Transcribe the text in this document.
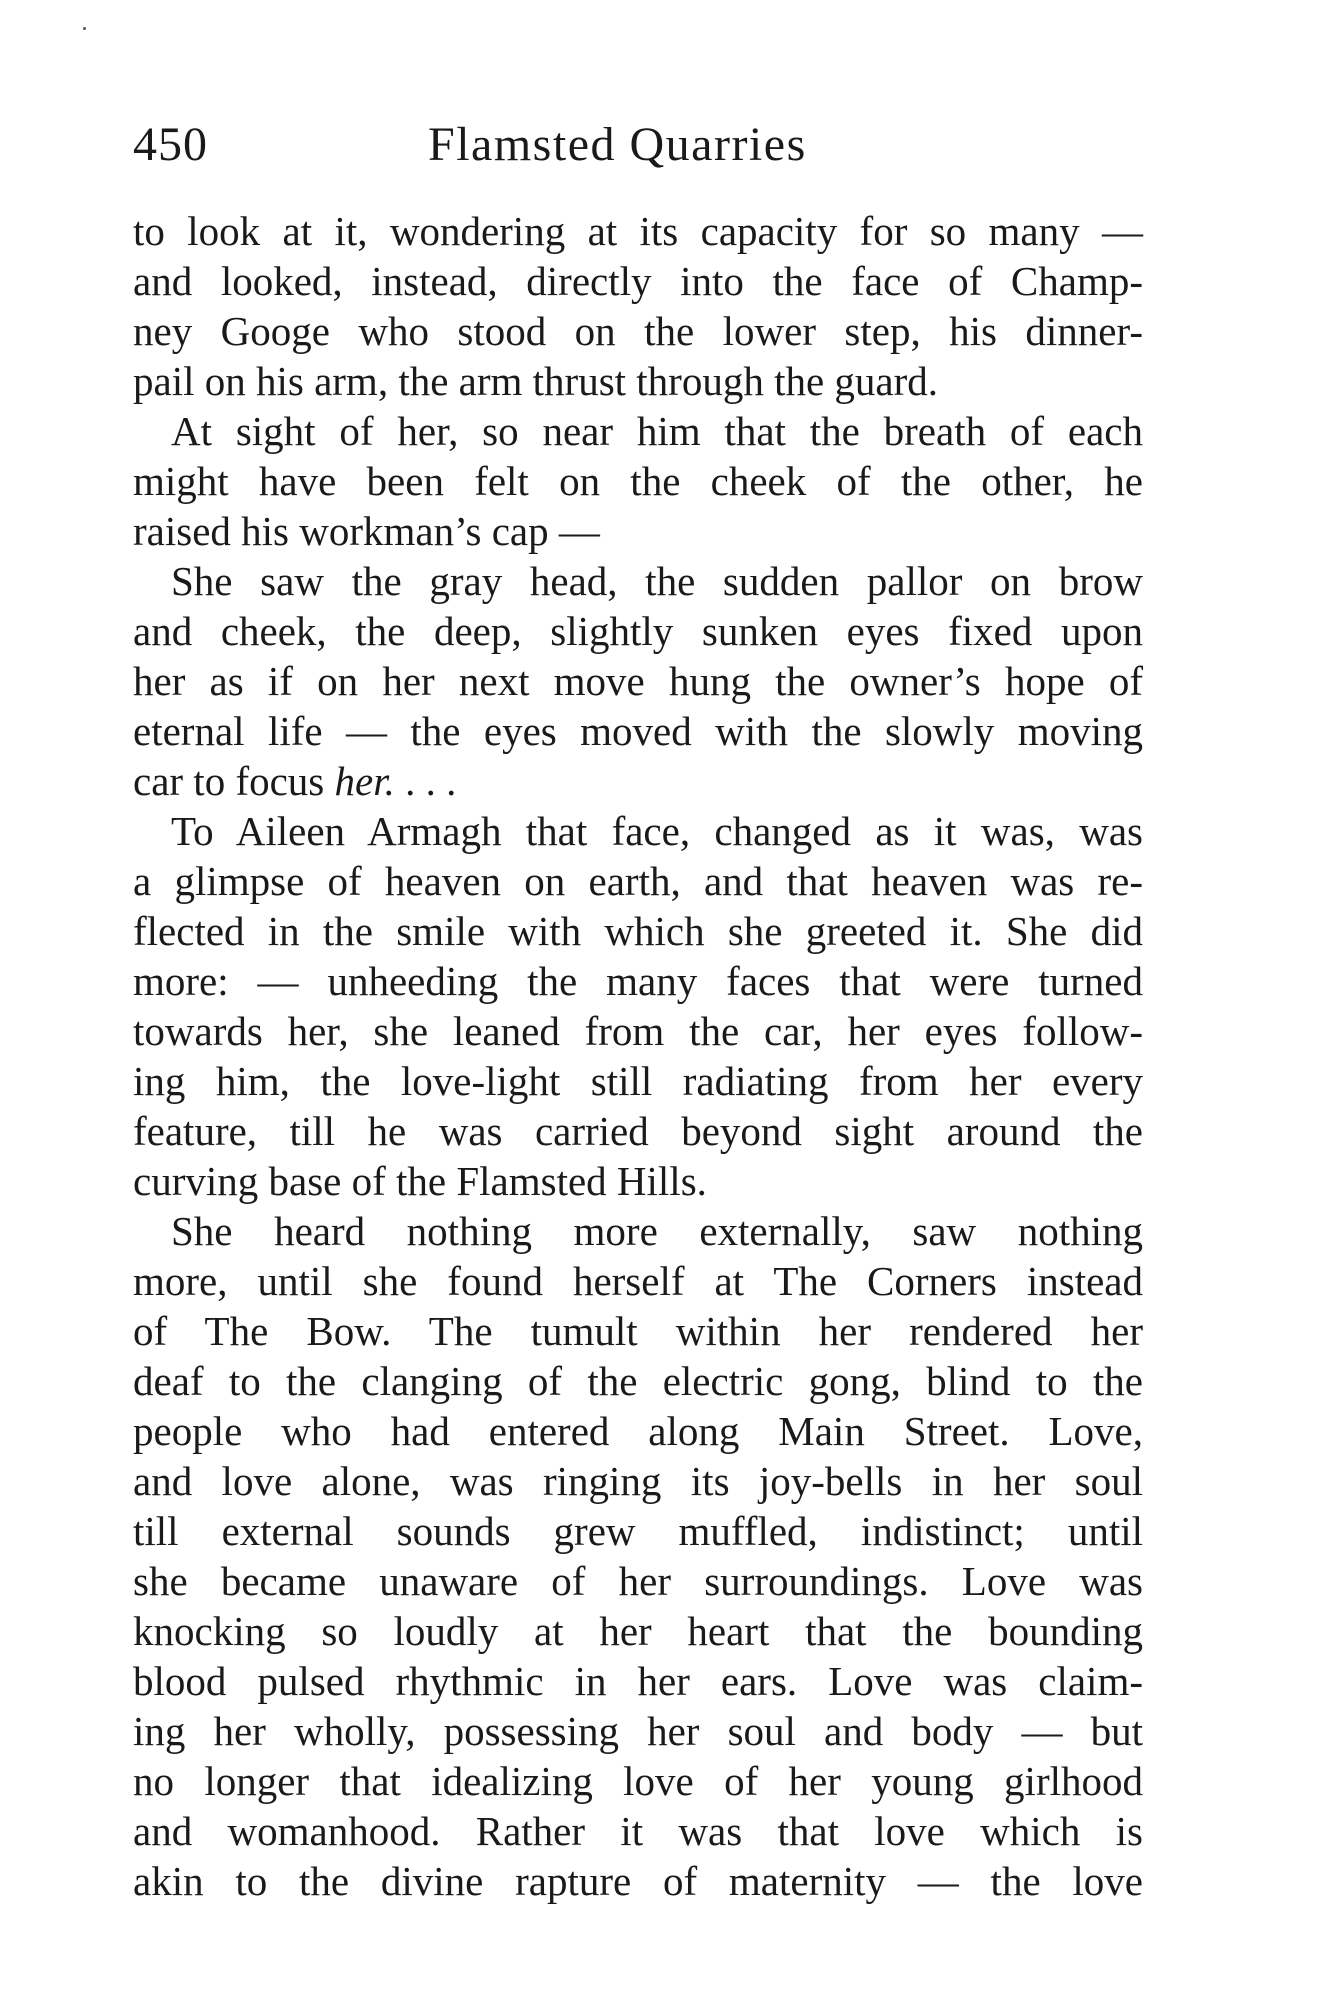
450	Flamsted Quarries
to look at it, wondering at its capacity for so many —
and looked, instead, directly into the face of Champ-
ney Googe who stood on the lower step, his dinner-
pail on his arm, the arm thrust through the guard.
At sight of her, so near him that the breath of each
might have been felt on the cheek of the other, he
raised his workman’s cap —
She saw the gray head, the sudden pallor on brow
and cheek, the deep, slightly sunken eyes fixed upon
her as if on her next move hung the owner’s hope of
eternal life — the eyes moved with the slowly moving
car to focus her. . . .
To Aileen Armagh that face, changed as it was, was
a glimpse of heaven on earth, and that heaven was re-
flected in the smile with which she greeted it. She did
more: — unheeding the many faces that were turned
towards her, she leaned from the car, her eyes follow-
ing him, the love-light still radiating from her every
feature, till he was carried beyond sight around the
curving base of the Flamsted Hills.
She heard nothing more externally, saw nothing
more, until she found herself at The Corners instead
of The Bow. The tumult within her rendered her
deaf to the clanging of the electric gong, blind to the
people who had entered along Main Street. Love,
and love alone, was ringing its joy-bells in her soul
till external sounds grew muffled, indistinct; until
she became unaware of her surroundings. Love was
knocking so loudly at her heart that the bounding
blood pulsed rhythmic in her ears. Love was claim-
ing her wholly, possessing her soul and body — but
no longer that idealizing love of her young girlhood
and womanhood. Rather it was that love which is
akin to the divine rapture of maternity — the love
